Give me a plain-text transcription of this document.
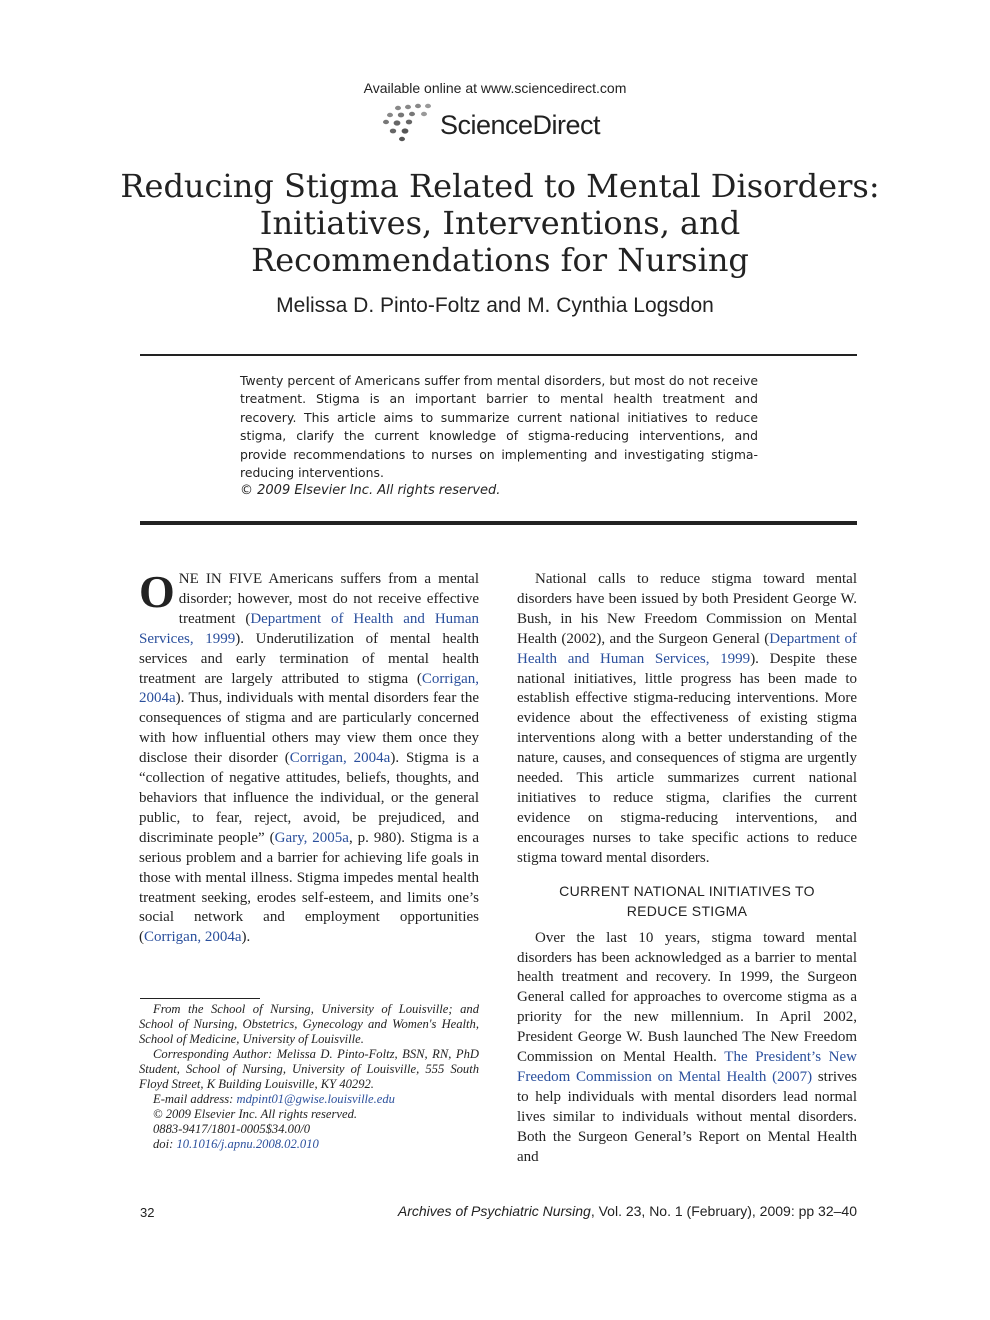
Available online at www.sciencedirect.com
ScienceDirect
Reducing Stigma Related to Mental Disorders: Initiatives, Interventions, and Recommendations for Nursing
Melissa D. Pinto-Foltz and M. Cynthia Logsdon

Twenty percent of Americans suffer from mental disorders, but most do not receive treatment. Stigma is an important barrier to mental health treatment and recovery. This article aims to summarize current national initiatives to reduce stigma, clarify the current knowledge of stigma-reducing interventions, and provide recommendations to nurses on implementing and investigating stigma-reducing interventions.

© 2009 Elsevier Inc. All rights reserved.

ONE IN FIVE Americans suffers from a mental disorder; however, most do not receive effective treatment (Department of Health and Human Services, 1999). Underutilization of mental health services and early termination of mental health treatment are largely attributed to stigma (Corrigan, 2004a). Thus, individuals with mental disorders fear the consequences of stigma and are particularly concerned with how influential others may view them once they disclose their disorder (Corrigan, 2004a). Stigma is a “collection of negative attitudes, beliefs, thoughts, and behaviors that influence the individual, or the general public, to fear, reject, avoid, be prejudiced, and discriminate people” (Gary, 2005a, p. 980). Stigma is a serious problem and a barrier for achieving life goals in those with mental illness. Stigma impedes mental health treatment seeking, erodes self-esteem, and limits one’s social network and employment opportunities (Corrigan, 2004a).

From the School of Nursing, University of Louisville; and School of Nursing, Obstetrics, Gynecology and Women's Health, School of Medicine, University of Louisville.

Corresponding Author: Melissa D. Pinto-Foltz, BSN, RN, PhD Student, School of Nursing, University of Louisville, 555 South Floyd Street, K Building Louisville, KY 40292.

E-mail address: mdpint01@gwise.louisville.edu

© 2009 Elsevier Inc. All rights reserved.

0883-9417/1801-0005$34.00/0

doi: 10.1016/j.apnu.2008.02.010

National calls to reduce stigma toward mental disorders have been issued by both President George W. Bush, in his New Freedom Commission on Mental Health (2002), and the Surgeon General (Department of Health and Human Services, 1999). Despite these national initiatives, little progress has been made to establish effective stigma-reducing interventions. More evidence about the effectiveness of existing stigma interventions along with a better understanding of the nature, causes, and consequences of stigma are urgently needed. This article summarizes current national initiatives to reduce stigma, clarifies the current evidence on stigma-reducing interventions, and encourages nurses to take specific actions to reduce stigma toward mental disorders.

CURRENT NATIONAL INITIATIVES TO
REDUCE STIGMA

Over the last 10 years, stigma toward mental disorders has been acknowledged as a barrier to mental health treatment and recovery. In 1999, the Surgeon General called for approaches to overcome stigma as a priority for the new millennium. In April 2002, President George W. Bush launched The New Freedom Commission on Mental Health. The President’s New Freedom Commission on Mental Health (2007) strives to help individuals with mental disorders lead normal lives similar to individuals without mental disorders. Both the Surgeon General’s Report on Mental Health and

32	Archives of Psychiatric Nursing, Vol. 23, No. 1 (February), 2009: pp 32–40
